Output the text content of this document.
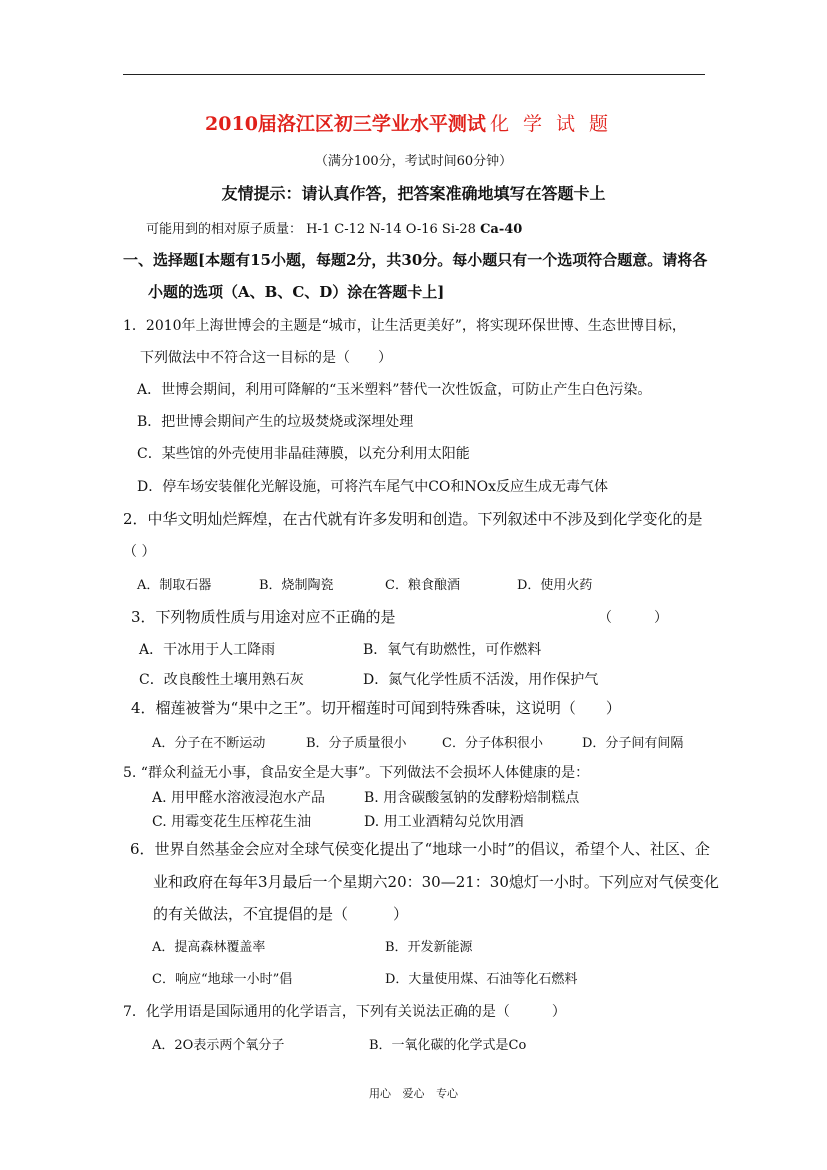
2010届洛江区初三学业水平测试 化学试题
（满分100分，考试时间60分钟）
友情提示：请认真作答，把答案准确地填写在答题卡上
可能用到的相对原子质量： H-1 C-12 N-14 O-16 Si-28 Ca-40
一、选择题[本题有15小题，每题2分，共30分。每小题只有一个选项符合题意。请将各
小题的选项（A、B、C、D）涂在答题卡上]
1．2010年上海世博会的主题是“城市，让生活更美好”，将实现环保世博、生态世博目标，
下列做法中不符合这一目标的是（　　）
A．世博会期间，利用可降解的“玉米塑料”替代一次性饭盒，可防止产生白色污染。
B．把世博会期间产生的垃圾焚烧或深埋处理
C．某些馆的外壳使用非晶硅薄膜，以充分利用太阳能
D．停车场安装催化光解设施，可将汽车尾气中CO和NOx反应生成无毒气体
2．中华文明灿烂辉煌，在古代就有许多发明和创造。下列叙述中不涉及到化学变化的是
（ ）
A．制取石器	B．烧制陶瓷	C．粮食酿酒	D．使用火药
3．下列物质性质与用途对应不正确的是	（　　　）
A．干冰用于人工降雨	B．氧气有助燃性，可作燃料
C．改良酸性土壤用熟石灰	D．氮气化学性质不活泼，用作保护气
4．榴莲被誉为“果中之王”。切开榴莲时可闻到特殊香味，这说明（　　）
A．分子在不断运动	B．分子质量很小	C．分子体积很小	D．分子间有间隔
5. “群众利益无小事，食品安全是大事”。下列做法不会损坏人体健康的是：
A. 用甲醛水溶液浸泡水产品	B. 用含碳酸氢钠的发酵粉焙制糕点
C. 用霉变花生压榨花生油	D. 用工业酒精勾兑饮用酒
6．世界自然基金会应对全球气侯变化提出了“地球一小时”的倡议，希望个人、社区、企
业和政府在每年3月最后一个星期六20：30—21：30熄灯一小时。下列应对气侯变化
的有关做法，不宜提倡的是（　　　）
A．提高森林覆盖率	B．开发新能源
C．响应“地球一小时”倡	D．大量使用煤、石油等化石燃料
7．化学用语是国际通用的化学语言，下列有关说法正确的是（　　　）
A．2O表示两个氧分子	B．一氧化碳的化学式是Co
用心 爱心 专心
